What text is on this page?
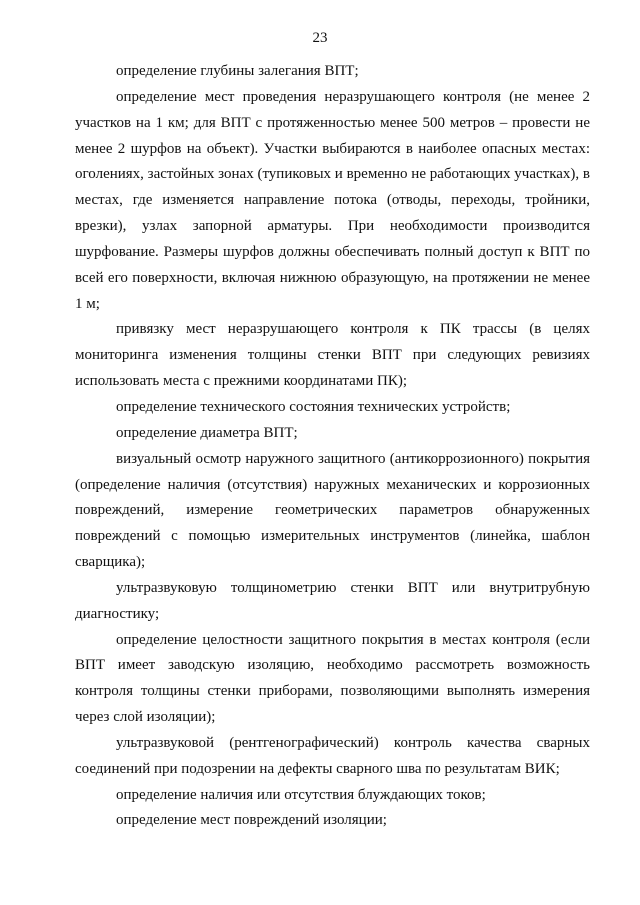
23

определение глубины залегания ВПТ;

определение мест проведения неразрушающего контроля (не менее 2 участков на 1 км; для ВПТ с протяженностью менее 500 метров – провести не менее 2 шурфов на объект). Участки выбираются в наиболее опасных местах: оголениях, застойных зонах (тупиковых и временно не работающих участках), в местах, где изменяется направление потока (отводы, переходы, тройники, врезки), узлах запорной арматуры. При необходимости производится шурфование. Размеры шурфов должны обеспечивать полный доступ к ВПТ по всей его поверхности, включая нижнюю образующую, на протяжении не менее 1 м;

привязку мест неразрушающего контроля к ПК трассы (в целях мониторинга изменения толщины стенки ВПТ при следующих ревизиях использовать места с прежними координатами ПК);

определение технического состояния технических устройств;

определение диаметра ВПТ;

визуальный осмотр наружного защитного (антикоррозионного) покрытия (определение наличия (отсутствия) наружных механических и коррозионных повреждений, измерение геометрических параметров обнаруженных повреждений с помощью измерительных инструментов (линейка, шаблон сварщика);

ультразвуковую толщинометрию стенки ВПТ или внутритрубную диагностику;

определение целостности защитного покрытия в местах контроля (если ВПТ имеет заводскую изоляцию, необходимо рассмотреть возможность контроля толщины стенки приборами, позволяющими выполнять измерения через слой изоляции);

ультразвуковой (рентгенографический) контроль качества сварных соединений при подозрении на дефекты сварного шва по результатам ВИК;

определение наличия или отсутствия блуждающих токов;

определение мест повреждений изоляции;
